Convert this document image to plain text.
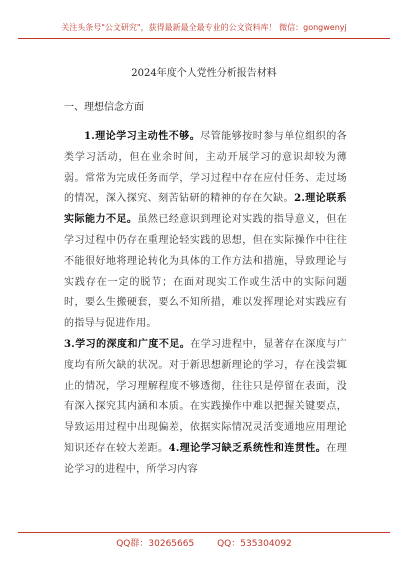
关注头条号"公文研究"，获得最新最全最专业的公文资料库！ 微信：gongwenyj
2024年度个人党性分析报告材料
一、理想信念方面
1.理论学习主动性不够。尽管能够按时参与单位组织的各类学习活动，但在业余时间，主动开展学习的意识却较为薄弱。常常为完成任务而学，学习过程中存在应付任务、走过场的情况，深入探究、刻苦钻研的精神的存在欠缺。2.理论联系实际能力不足。虽然已经意识到理论对实践的指导意义，但在学习过程中仍存在重理论轻实践的思想，但在实际操作中往往不能很好地将理论转化为具体的工作方法和措施，导致理论与实践存在一定的脱节；在面对现实工作或生活中的实际问题时，要么生搬硬套，要么不知所措，难以发挥理论对实践应有的指导与促进作用。
3.学习的深度和广度不足。在学习进程中，显著存在深度与广度均有所欠缺的状况。对于新思想新理论的学习，存在浅尝辄止的情况，学习理解程度不够透彻，往往只是停留在表面，没有深入探究其内涵和本质。在实践操作中难以把握关键要点，导致运用过程中出现偏差，依据实际情况灵活变通地应用理论知识还存在较大差距。4.理论学习缺乏系统性和连贯性。在理论学习的进程中，所学习内容
QQ群：30265665	QQ：535304092
